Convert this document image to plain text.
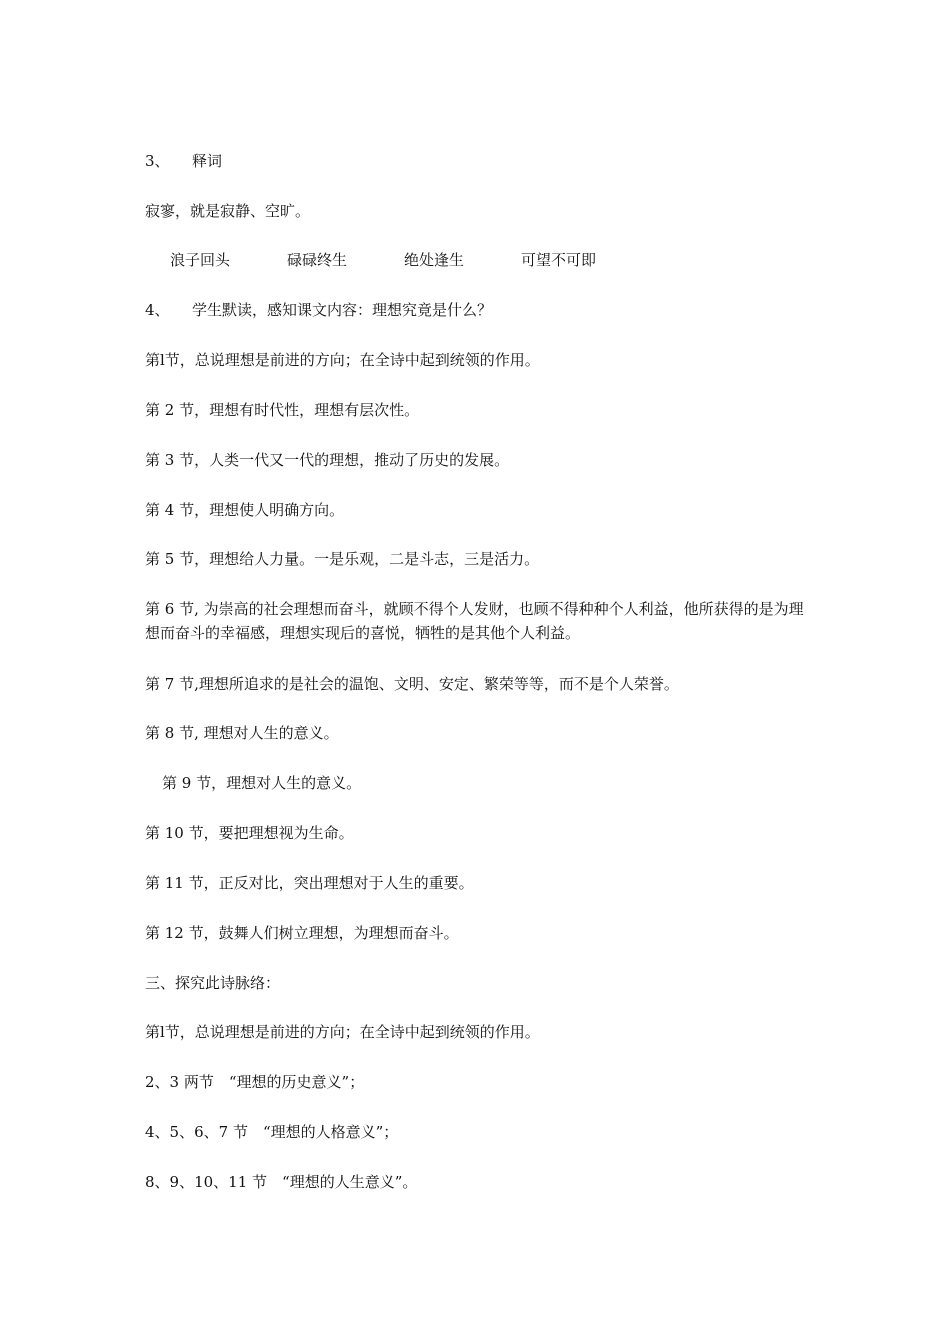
3、　　释词
寂寥，就是寂静、空旷。
浪子回头	碌碌终生	绝处逢生	可望不可即
4、　　学生默读，感知课文内容：理想究竟是什么？
第l节，总说理想是前进的方向；在全诗中起到统领的作用。
第 2 节，理想有时代性，理想有层次性。
第 3 节，人类一代又一代的理想，推动了历史的发展。
第 4 节，理想使人明确方向。
第 5 节，理想给人力量。一是乐观，二是斗志，三是活力。
第 6 节, 为崇高的社会理想而奋斗，就顾不得个人发财，也顾不得种种个人利益，他所获得的是为理想而奋斗的幸福感，理想实现后的喜悦，牺牲的是其他个人利益。
第 7 节,理想所追求的是社会的温饱、文明、安定、繁荣等等，而不是个人荣誉。
第 8 节, 理想对人生的意义。
第 9 节，理想对人生的意义。
第 10 节，要把理想视为生命。
第 11 节，正反对比，突出理想对于人生的重要。
第 12 节，鼓舞人们树立理想，为理想而奋斗。
三、探究此诗脉络：
第l节，总说理想是前进的方向；在全诗中起到统领的作用。
2、3 两节　“理想的历史意义”；
4、5、6、7 节　“理想的人格意义”；
8、9、10、11 节　“理想的人生意义”。
